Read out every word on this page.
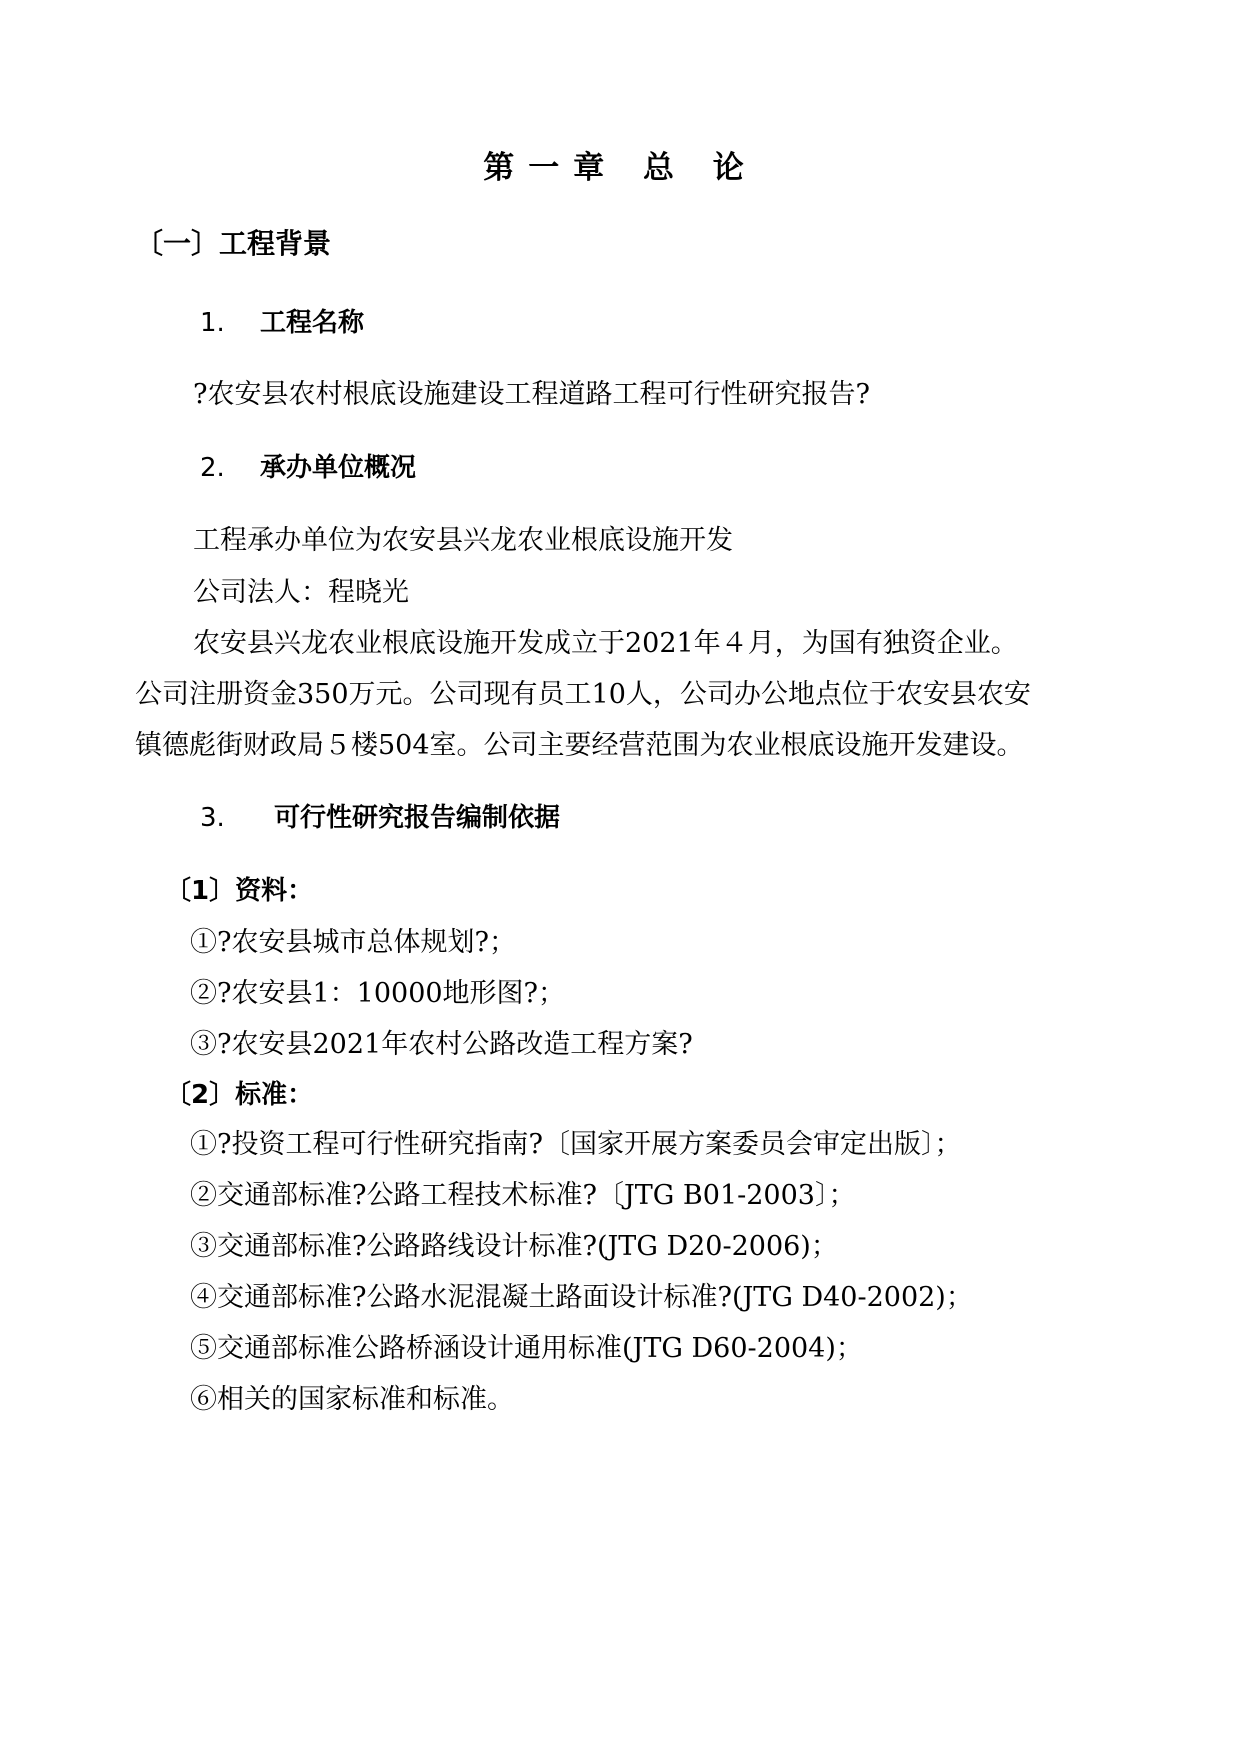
第一章 总 论
〔一〕工程背景
1. 工程名称
?农安县农村根底设施建设工程道路工程可行性研究报告?
2. 承办单位概况
工程承办单位为农安县兴龙农业根底设施开发
公司法人：程晓光
农安县兴龙农业根底设施开发成立于2021年４月，为国有独资企业。
公司注册资金350万元。公司现有员工10人，公司办公地点位于农安县农安
镇德彪街财政局５楼504室。公司主要经营范围为农业根底设施开发建设。
3. 可行性研究报告编制依据
〔1〕资料：
①?农安县城市总体规划?；
②?农安县1：10000地形图?；
③?农安县2021年农村公路改造工程方案?
〔2〕标准：
①?投资工程可行性研究指南?〔国家开展方案委员会审定出版〕；
②交通部标准?公路工程技术标准?〔JTG B01-2003〕；
③交通部标准?公路路线设计标准?(JTG D20-2006)；
④交通部标准?公路水泥混凝土路面设计标准?(JTG D40-2002)；
⑤交通部标准公路桥涵设计通用标准(JTG D60-2004)；
⑥相关的国家标准和标准。
